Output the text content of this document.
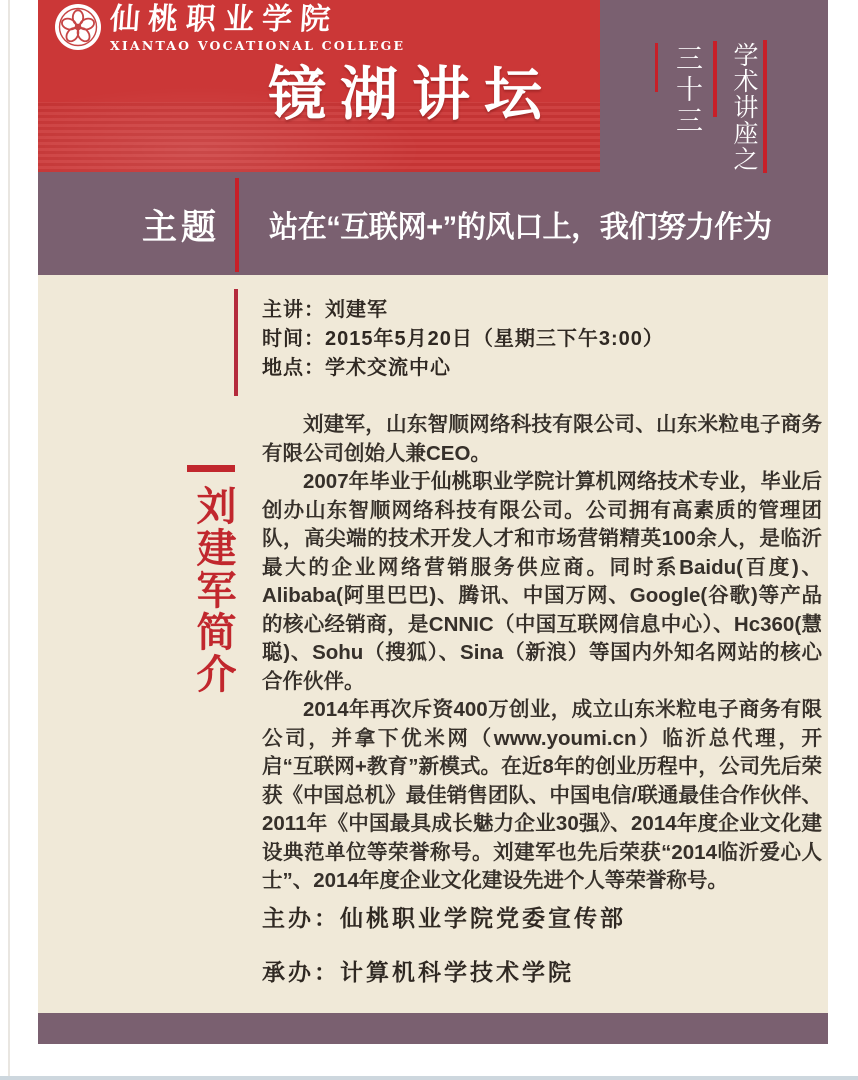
仙桃职业学院
XIANTAO VOCATIONAL COLLEGE
镜湖讲坛	三十三 学术讲座之
主题 站在“互联网+”的风口上，我们努力作为
主讲：刘建军
时间：2015年5月20日（星期三下午3:00）
地点：学术交流中心
刘建军简介

刘建军，山东智顺网络科技有限公司、山东米粒电子商务有限公司创始人兼CEO。

2007年毕业于仙桃职业学院计算机网络技术专业，毕业后创办山东智顺网络科技有限公司。公司拥有高素质的管理团队，高尖端的技术开发人才和市场营销精英100余人，是临沂最大的企业网络营销服务供应商。同时系Baidu(百度)、 Alibaba(阿里巴巴)、腾讯、中国万网、Google(谷歌)等产品的核心经销商，是CNNIC（中国互联网信息中心）、Hc360(慧聪)、Sohu（搜狐）、Sina（新浪）等国内外知名网站的核心合作伙伴。

2014年再次斥资400万创业，成立山东米粒电子商务有限公司，并拿下优米网（www.youmi.cn）临沂总代理，开启“互联网+教育”新模式。在近8年的创业历程中，公司先后荣获《中国总机》最佳销售团队、中国电信/联通最佳合作伙伴、2011年《中国最具成长魅力企业30强》、2014年度企业文化建设典范单位等荣誉称号。刘建军也先后荣获“2014临沂爱心人士”、2014年度企业文化建设先进个人等荣誉称号。

主办：仙桃职业学院党委宣传部
承办：计算机科学技术学院
